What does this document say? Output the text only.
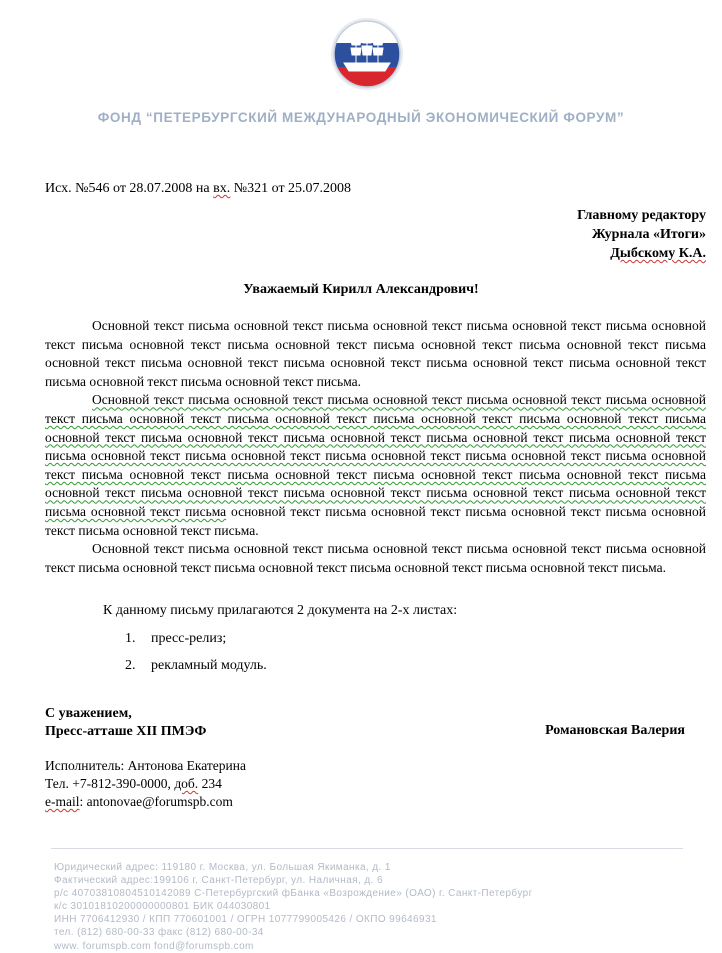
ФОНД “ПЕТЕРБУРГСКИЙ МЕЖДУНАРОДНЫЙ ЭКОНОМИЧЕСКИЙ ФОРУМ”
Исх. №546 от 28.07.2008 на вх. №321 от 25.07.2008
Главному редактору
Журнала «Итоги»
Дыбскому К.А.
Уважаемый Кирилл Александрович!

Основной текст письма основной текст письма основной текст письма основной текст письма основной текст письма основной текст письма основной текст письма основной текст письма основной текст письма основной текст письма основной текст письма основной текст письма основной текст письма основной текст письма основной текст письма основной текст письма.

Основной текст письма основной текст письма основной текст письма основной текст письма основной текст письма основной текст письма основной текст письма основной текст письма основной текст письма основной текст письма основной текст письма основной текст письма основной текст письма основной текст письма основной текст письма основной текст письма основной текст письма основной текст письма основной текст письма основной текст письма основной текст письма основной текст письма основной текст письма основной текст письма основной текст письма основной текст письма основной текст письма основной текст письма основной текст письма основной текст письма основной текст письма основной текст письма основной текст письма основной текст письма.

Основной текст письма основной текст письма основной текст письма основной текст письма основной текст письма основной текст письма основной текст письма основной текст письма основной текст письма.

К данному письму прилагаются 2 документа на 2-х листах:
1.	пресс-релиз;
2.	рекламный модуль.
С уважением,
Пресс-атташе XII ПМЭФ	Романовская Валерия
Исполнитель: Антонова Екатерина
Тел. +7-812-390-0000, доб. 234
e-mail: antonovae@forumspb.com
Юридический адрес: 119180 г. Москва, ул. Большая Якиманка, д. 1
Фактический адрес:199106 г. Санкт-Петербург, ул. Наличная, д. 6
р/с 40703810804510142089 С-Петербургский фБанка «Возрождение» (ОАО) г. Санкт-Петербург
к/с 30101810200000000801 БИК 044030801
ИНН 7706412930 / КПП 770601001 / ОГРН 1077799005426 / ОКПО 99646931
тел. (812) 680-00-33 факс (812) 680-00-34
www. forumspb.com fond@forumspb.com
